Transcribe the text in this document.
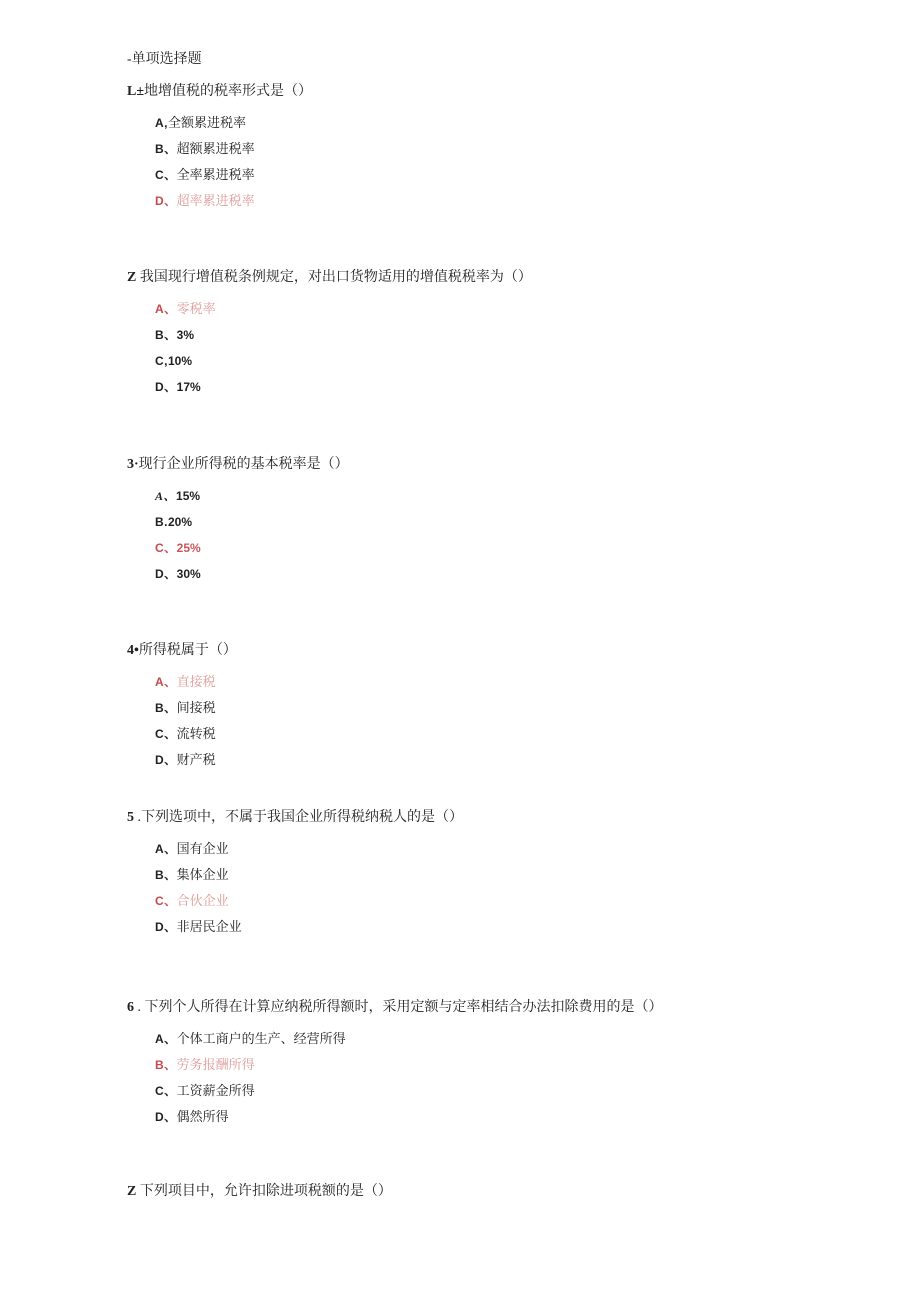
-单项选择题
L±地增值税的税率形式是（）
A,全额累进税率
B、超额累进税率
C、全率累进税率
D、超率累进税率
Z 我国现行增值税条例规定，对出口货物适用的增值税税率为（）
A、零税率
B、3%
C,10%
D、17%
3·现行企业所得税的基本税率是（）
A、15%
B.20%
C、25%
D、30%
4•所得税属于（）
A、直接税
B、间接税
C、流转税
D、财产税
5 .下列选项中，不属于我国企业所得税纳税人的是（）
A、国有企业
B、集体企业
C、合伙企业
D、非居民企业
6 . 下列个人所得在计算应纳税所得额时，采用定额与定率相结合办法扣除费用的是（）
A、个体工商户的生产、经营所得
B、劳务报酬所得
C、工资薪金所得
D、偶然所得
Z 下列项目中，允许扣除进项税额的是（）
